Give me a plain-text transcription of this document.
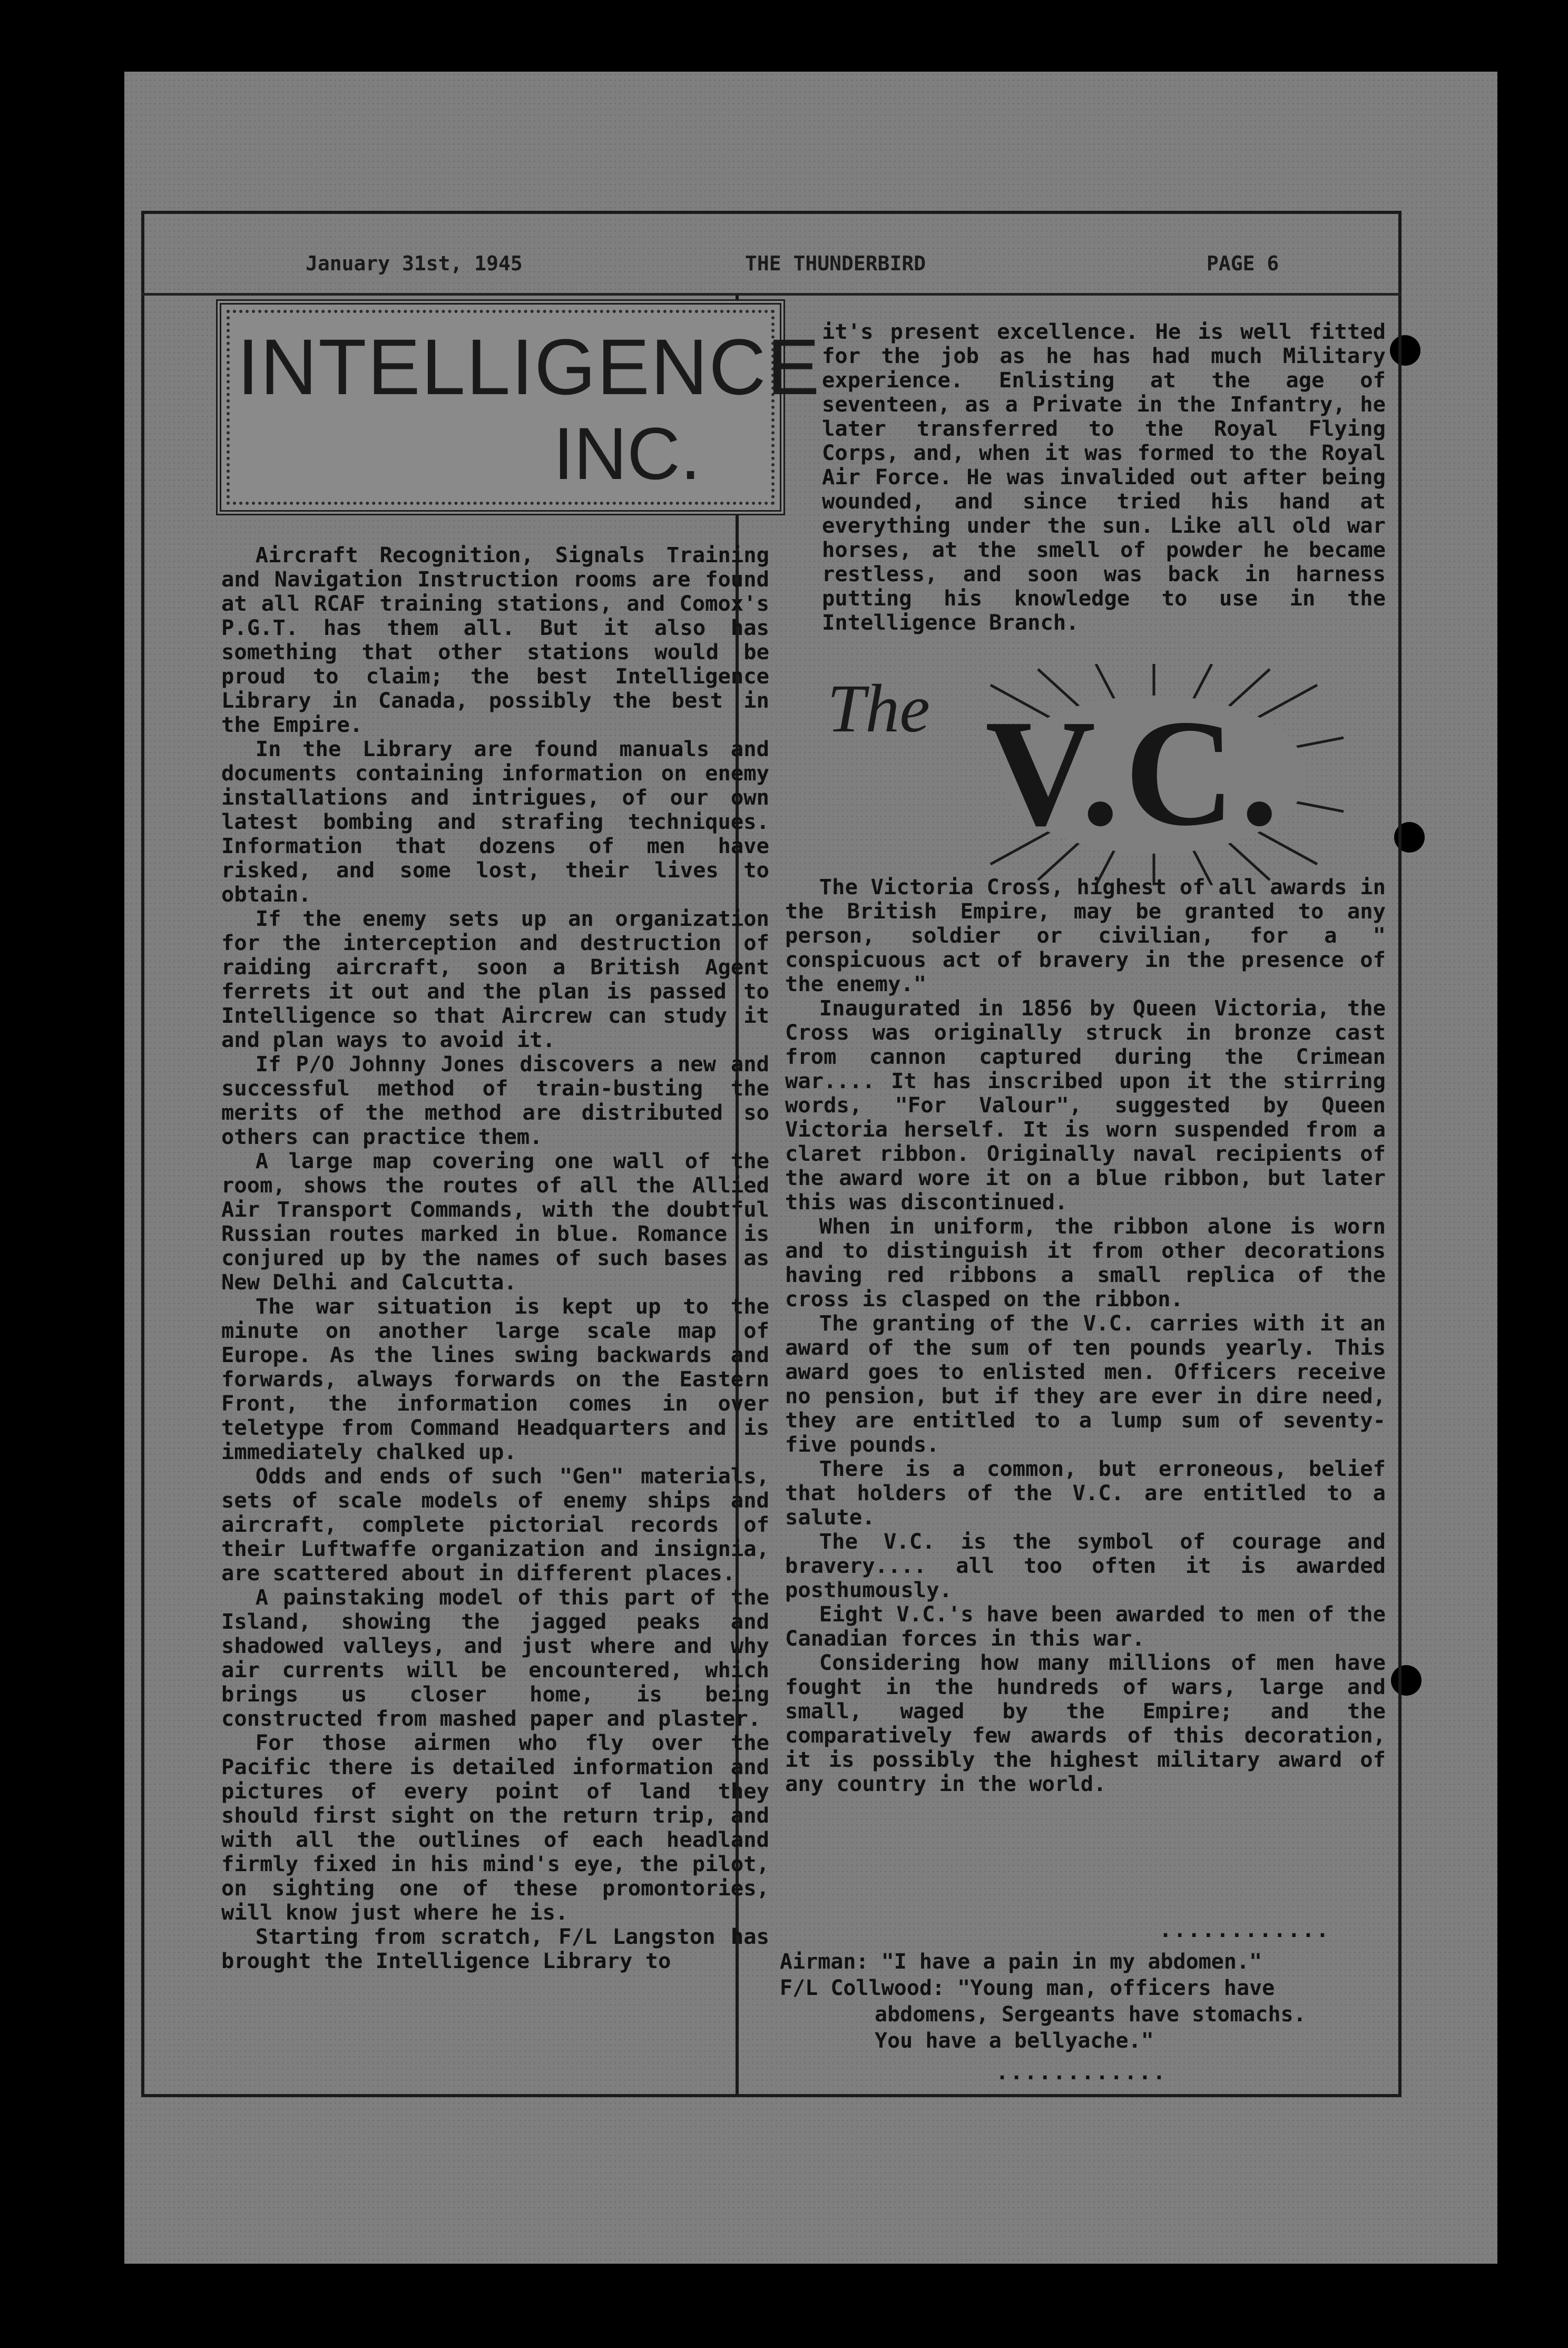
January 31st, 1945	THE THUNDERBIRD	PAGE 6
INTELLIGENCE
INC.

Aircraft Recognition, Signals Training and Navigation Instruction rooms are found at all RCAF training stations, and Comox's P.G.T. has them all. But it also has something that other stations would be proud to claim; the best Intelligence Library in Canada, possibly the best in the Empire.

In the Library are found manuals and documents containing information on enemy installations and intrigues, of our own latest bombing and strafing techniques. Information that dozens of men have risked, and some lost, their lives to obtain.

If the enemy sets up an organization for the interception and destruction of raiding aircraft, soon a British Agent ferrets it out and the plan is passed to Intelligence so that Aircrew can study it and plan ways to avoid it.

If P/O Johnny Jones discovers a new and successful method of train-busting the merits of the method are distributed so others can practice them.

A large map covering one wall of the room, shows the routes of all the Allied Air Transport Commands, with the doubtful Russian routes marked in blue. Romance is conjured up by the names of such bases as New Delhi and Calcutta.

The war situation is kept up to the minute on another large scale map of Europe. As the lines swing backwards and forwards, always forwards on the Eastern Front, the information comes in over teletype from Command Headquarters and is immediately chalked up.

Odds and ends of such "Gen" materials, sets of scale models of enemy ships and aircraft, complete pictorial records of their Luftwaffe organization and insignia, are scattered about in different places.

A painstaking model of this part of the Island, showing the jagged peaks and shadowed valleys, and just where and why air currents will be encountered, which brings us closer home, is being constructed from mashed paper and plaster.

For those airmen who fly over the Pacific there is detailed information and pictures of every point of land they should first sight on the return trip, and with all the outlines of each headland firmly fixed in his mind's eye, the pilot, on sighting one of these promontories, will know just where he is.

Starting from scratch, F/L Langston has brought the Intelligence Library to

it's present excellence. He is well fitted for the job as he has had much Military experience. Enlisting at the age of seventeen, as a Private in the Infantry, he later transferred to the Royal Flying Corps, and, when it was formed to the Royal Air Force. He was invalided out after being wounded, and since tried his hand at everything under the sun. Like all old war horses, at the smell of powder he became restless, and soon was back in harness putting his knowledge to use in the Intelligence Branch.

The V.C.

The Victoria Cross, highest of all awards in the British Empire, may be granted to any person, soldier or civilian, for a " conspicuous act of bravery in the presence of the enemy."

Inaugurated in 1856 by Queen Victoria, the Cross was originally struck in bronze cast from cannon captured during the Crimean war.... It has inscribed upon it the stirring words, "For Valour", suggested by Queen Victoria herself. It is worn suspended from a claret ribbon. Originally naval recipients of the award wore it on a blue ribbon, but later this was discontinued.

When in uniform, the ribbon alone is worn and to distinguish it from other decorations having red ribbons a small replica of the cross is clasped on the ribbon.

The granting of the V.C. carries with it an award of the sum of ten pounds yearly. This award goes to enlisted men. Officers receive no pension, but if they are ever in dire need, they are entitled to a lump sum of seventy-five pounds.

There is a common, but erroneous, belief that holders of the V.C. are entitled to a salute.

The V.C. is the symbol of courage and bravery.... all too often it is awarded posthumously.

Eight V.C.'s have been awarded to men of the Canadian forces in this war.

Considering how many millions of men have fought in the hundreds of wars, large and small, waged by the Empire; and the comparatively few awards of this decoration, it is possibly the highest military award of any country in the world.

............
Airman: "I have a pain in my abdomen."
F/L Collwood: "Young man, officers have
abdomens, Sergeants have stomachs.
You have a bellyache."
............
